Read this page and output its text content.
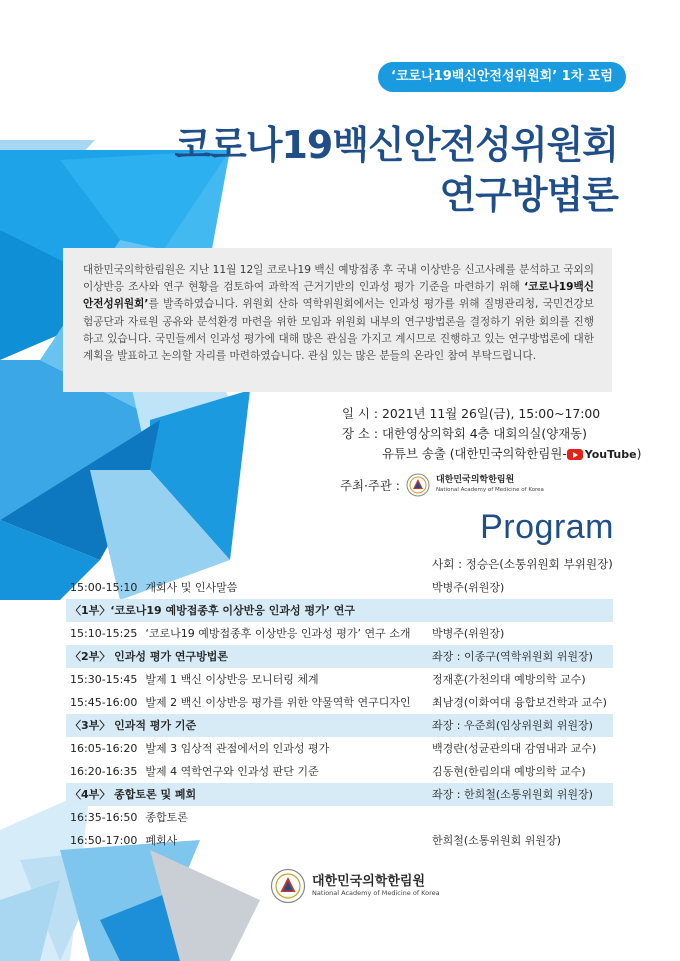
‘코로나19백신안전성위원회’ 1차 포럼
코로나19백신안전성위원회
연구방법론
대한민국의학한림원은 지난 11월 12일 코로나19 백신 예방접종 후 국내 이상반응 신고사례를 분석하고 국외의 이상반응 조사와 연구 현황을 검토하여 과학적 근거기반의 인과성 평가 기준을 마련하기 위해 ‘코로나19백신 안전성위원회’를 발족하였습니다. 위원회 산하 역학위원회에서는 인과성 평가를 위해 질병관리청, 국민건강보험공단과 자료원 공유와 분석환경 마련을 위한 모임과 위원회 내부의 연구방법론을 결정하기 위한 회의를 진행하고 있습니다. 국민들께서 인과성 평가에 대해 많은 관심을 가지고 계시므로 진행하고 있는 연구방법론에 대한 계획을 발표하고 논의할 자리를 마련하였습니다. 관심 있는 많은 분들의 온라인 참여 부탁드립니다.
일 시 : 2021년 11월 26일(금), 15:00~17:00
장 소 : 대한영상의학회 4층 대회의실(양재동)
유튜브 송출 (대한민국의학한림원- YouTube )
주최·주관 :	대한민국의학한림원
National Academy of Medicine of Korea
Program
사회 : 정승은(소통위원회 부위원장)
15:00-15:10 개회사 및 인사말씀	박병주(위원장)
〈1부〉‘코로나19 예방접종후 이상반응 인과성 평가’ 연구
15:10-15:25 ‘코로나19 예방접종후 이상반응 인과성 평가’ 연구 소개 박병주(위원장)
〈2부〉 인과성 평가 연구방법론	좌장 : 이종구(역학위원회 위원장)
15:30-15:45 발제 1 백신 이상반응 모니터링 체계	정재훈(가천의대 예방의학 교수)
15:45-16:00 발제 2 백신 이상반응 평가를 위한 약물역학 연구디자인 최남경(이화여대 융합보건학과 교수)
〈3부〉 인과적 평가 기준	좌장 : 우준희(임상위원회 위원장)
16:05-16:20 발제 3 임상적 관점에서의 인과성 평가	백경란(성균관의대 감염내과 교수)
16:20-16:35 발제 4 역학연구와 인과성 판단 기준	김동현(한림의대 예방의학 교수)
〈4부〉 종합토론 및 폐회	좌장 : 한희철(소통위원회 위원장)
16:35-16:50 종합토론
16:50-17:00 폐회사	한희철(소통위원회 위원장)
대한민국의학한림원
National Academy of Medicine of Korea
